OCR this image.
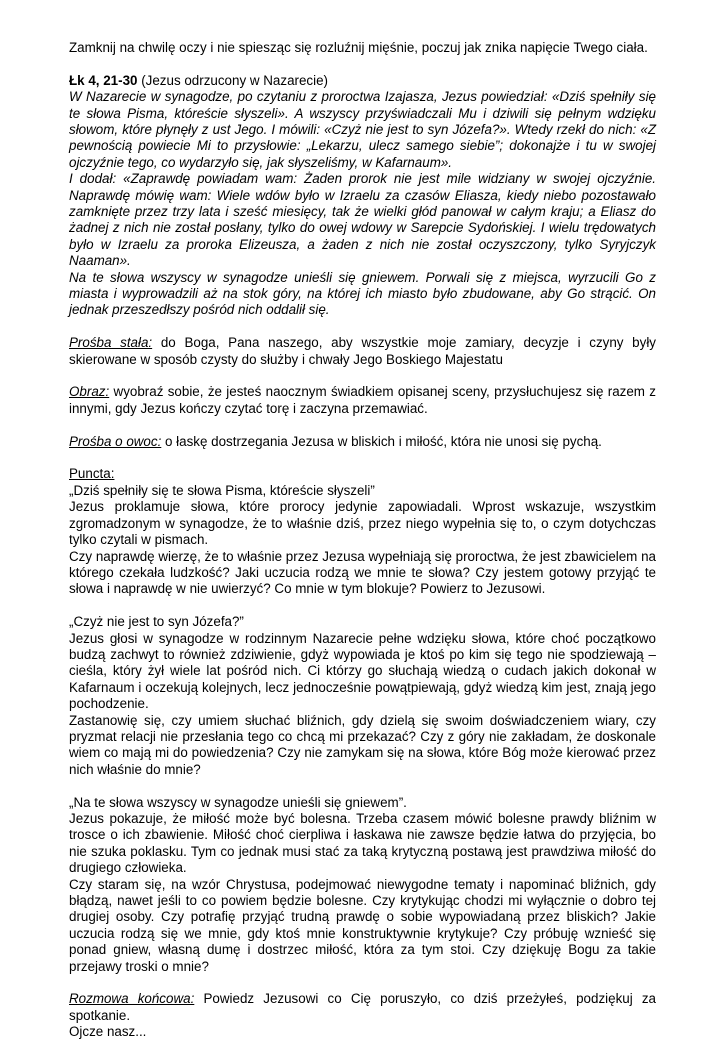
Zamknij na chwilę oczy i nie spiesząc się rozluźnij mięśnie, poczuj jak znika napięcie Twego ciała.

Łk 4, 21-30 (Jezus odrzucony w Nazarecie)

W Nazarecie w synagodze, po czytaniu z proroctwa Izajasza, Jezus powiedział: «Dziś spełniły się te słowa Pisma, któreście słyszeli». A wszyscy przyświadczali Mu i dziwili się pełnym wdzięku słowom, które płynęły z ust Jego. I mówili: «Czyż nie jest to syn Józefa?». Wtedy rzekł do nich: «Z pewnością powiecie Mi to przysłowie: „Lekarzu, ulecz samego siebie”; dokonajże i tu w swojej ojczyźnie tego, co wydarzyło się, jak słyszeliśmy, w Kafarnaum».

I dodał: «Zaprawdę powiadam wam: Żaden prorok nie jest mile widziany w swojej ojczyźnie. Naprawdę mówię wam: Wiele wdów było w Izraelu za czasów Eliasza, kiedy niebo pozostawało zamknięte przez trzy lata i sześć miesięcy, tak że wielki głód panował w całym kraju; a Eliasz do żadnej z nich nie został posłany, tylko do owej wdowy w Sarepcie Sydońskiej. I wielu trędowatych było w Izraelu za proroka Elizeusza, a żaden z nich nie został oczyszczony, tylko Syryjczyk Naaman».

Na te słowa wszyscy w synagodze unieśli się gniewem. Porwali się z miejsca, wyrzucili Go z miasta i wyprowadzili aż na stok góry, na której ich miasto było zbudowane, aby Go strącić. On jednak przeszedłszy pośród nich oddalił się.

Prośba stała: do Boga, Pana naszego, aby wszystkie moje zamiary, decyzje i czyny były skierowane w sposób czysty do służby i chwały Jego Boskiego Majestatu

Obraz: wyobraź sobie, że jesteś naocznym świadkiem opisanej sceny, przysłuchujesz się razem z innymi, gdy Jezus kończy czytać torę i zaczyna przemawiać.

Prośba o owoc: o łaskę dostrzegania Jezusa w bliskich i miłość, która nie unosi się pychą.

Puncta:

„Dziś spełniły się te słowa Pisma, któreście słyszeli”

Jezus proklamuje słowa, które prorocy jedynie zapowiadali. Wprost wskazuje, wszystkim zgromadzonym w synagodze, że to właśnie dziś, przez niego wypełnia się to, o czym dotychczas tylko czytali w pismach.

Czy naprawdę wierzę, że to właśnie przez Jezusa wypełniają się proroctwa, że jest zbawicielem na którego czekała ludzkość? Jaki uczucia rodzą we mnie te słowa? Czy jestem gotowy przyjąć te słowa i naprawdę w nie uwierzyć? Co mnie w tym blokuje? Powierz to Jezusowi.

„Czyż nie jest to syn Józefa?”

Jezus głosi w synagodze w rodzinnym Nazarecie pełne wdzięku słowa, które choć początkowo budzą zachwyt to również zdziwienie, gdyż wypowiada je ktoś po kim się tego nie spodziewają – cieśla, który żył wiele lat pośród nich. Ci którzy go słuchają wiedzą o cudach jakich dokonał w Kafarnaum i oczekują kolejnych, lecz jednocześnie powątpiewają, gdyż wiedzą kim jest, znają jego pochodzenie.

Zastanowię się, czy umiem słuchać bliźnich, gdy dzielą się swoim doświadczeniem wiary, czy pryzmat relacji nie przesłania tego co chcą mi przekazać? Czy z góry nie zakładam, że doskonale wiem co mają mi do powiedzenia? Czy nie zamykam się na słowa, które Bóg może kierować przez nich właśnie do mnie?

„Na te słowa wszyscy w synagodze unieśli się gniewem”.

Jezus pokazuje, że miłość może być bolesna. Trzeba czasem mówić bolesne prawdy bliźnim w trosce o ich zbawienie. Miłość choć cierpliwa i łaskawa nie zawsze będzie łatwa do przyjęcia, bo nie szuka poklasku. Tym co jednak musi stać za taką krytyczną postawą jest prawdziwa miłość do drugiego człowieka.

Czy staram się, na wzór Chrystusa, podejmować niewygodne tematy i napominać bliźnich, gdy błądzą, nawet jeśli to co powiem będzie bolesne. Czy krytykując chodzi mi wyłącznie o dobro tej drugiej osoby. Czy potrafię przyjąć trudną prawdę o sobie wypowiadaną przez bliskich? Jakie uczucia rodzą się we mnie, gdy ktoś mnie konstruktywnie krytykuje? Czy próbuję wznieść się ponad gniew, własną dumę i dostrzec miłość, która za tym stoi. Czy dziękuję Bogu za takie przejawy troski o mnie?

Rozmowa końcowa: Powiedz Jezusowi co Cię poruszyło, co dziś przeżyłeś, podziękuj za spotkanie.

Ojcze nasz...
